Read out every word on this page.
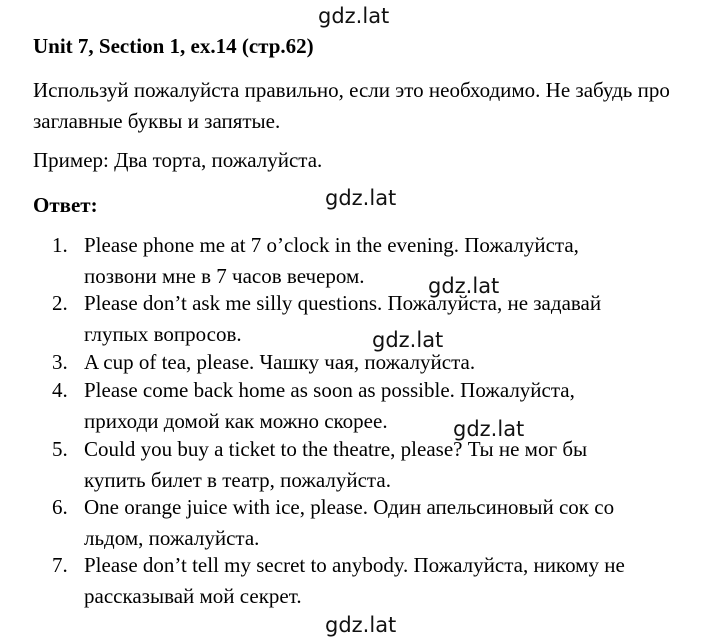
gdz.lat
gdz.lat
gdz.lat
gdz.lat
gdz.lat
gdz.lat
Unit 7, Section 1, ex.14 (стр.62)
Используй пожалуйста правильно, если это необходимо. Не забудь про заглавные буквы и запятые.
Пример: Два торта, пожалуйста.
Ответ:
1. Please phone me at 7 o’clock in the evening. Пожалуйста,
позвони мне в 7 часов вечером.
2. Please don’t ask me silly questions. Пожалуйста, не задавай
глупых вопросов.
3. A cup of tea, please. Чашку чая, пожалуйста.
4. Please come back home as soon as possible. Пожалуйста,
приходи домой как можно скорее.
5. Could you buy a ticket to the theatre, please? Ты не мог бы
купить билет в театр, пожалуйста.
6. One orange juice with ice, please. Один апельсиновый сок со
льдом, пожалуйста.
7. Please don’t tell my secret to anybody. Пожалуйста, никому не
рассказывай мой секрет.
